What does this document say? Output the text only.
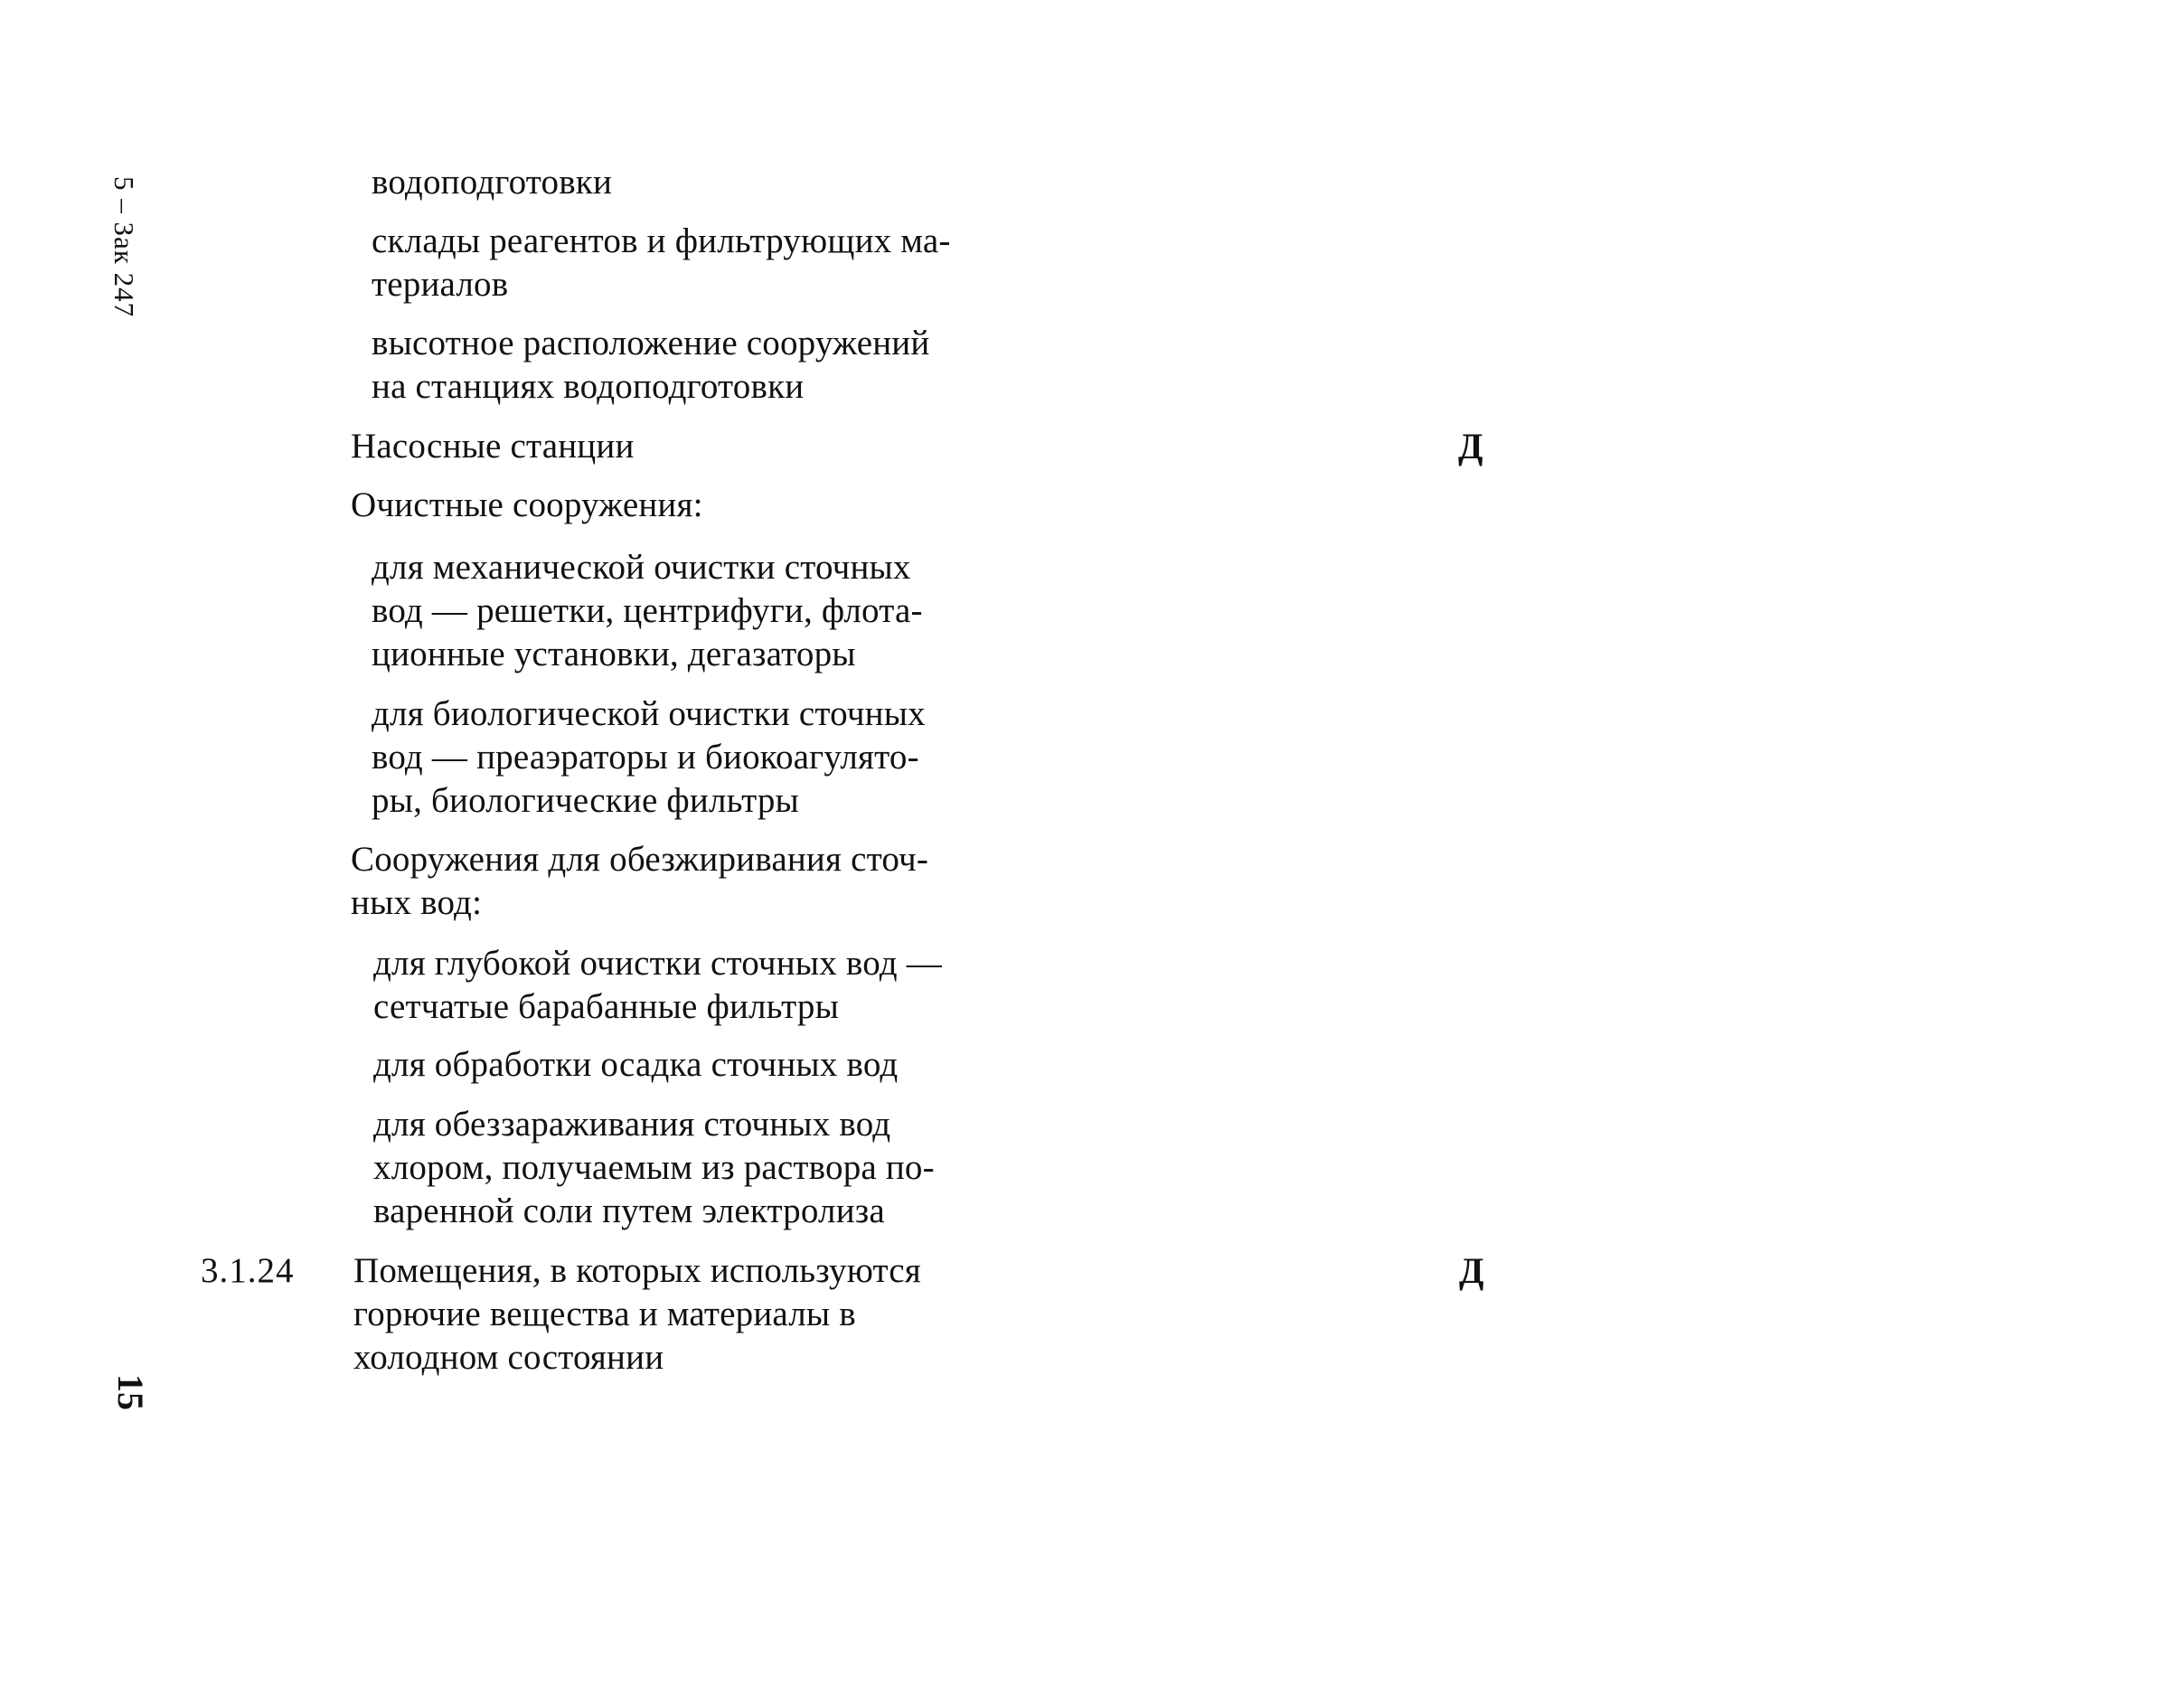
5 – Зак 247
15
водоподготовки
склады реагентов и фильтрующих ма-
териалов
высотное расположение сооружений
на станциях водоподготовки
Насосные станции	Д
Очистные сооружения:
для механической очистки сточных
вод — решетки, центрифуги, флота-
ционные установки, дегазаторы
для биологической очистки сточных
вод — преаэраторы и биокоагулято-
ры, биологические фильтры
Сооружения для обезжиривания сточ-
ных вод:
для глубокой очистки сточных вод —
сетчатые барабанные фильтры
для обработки осадка сточных вод
для обеззараживания сточных вод
хлором, получаемым из раствора по-
варенной соли путем электролиза
3.1.24 Помещения, в которых используются	Д
горючие вещества и материалы в
холодном состоянии
